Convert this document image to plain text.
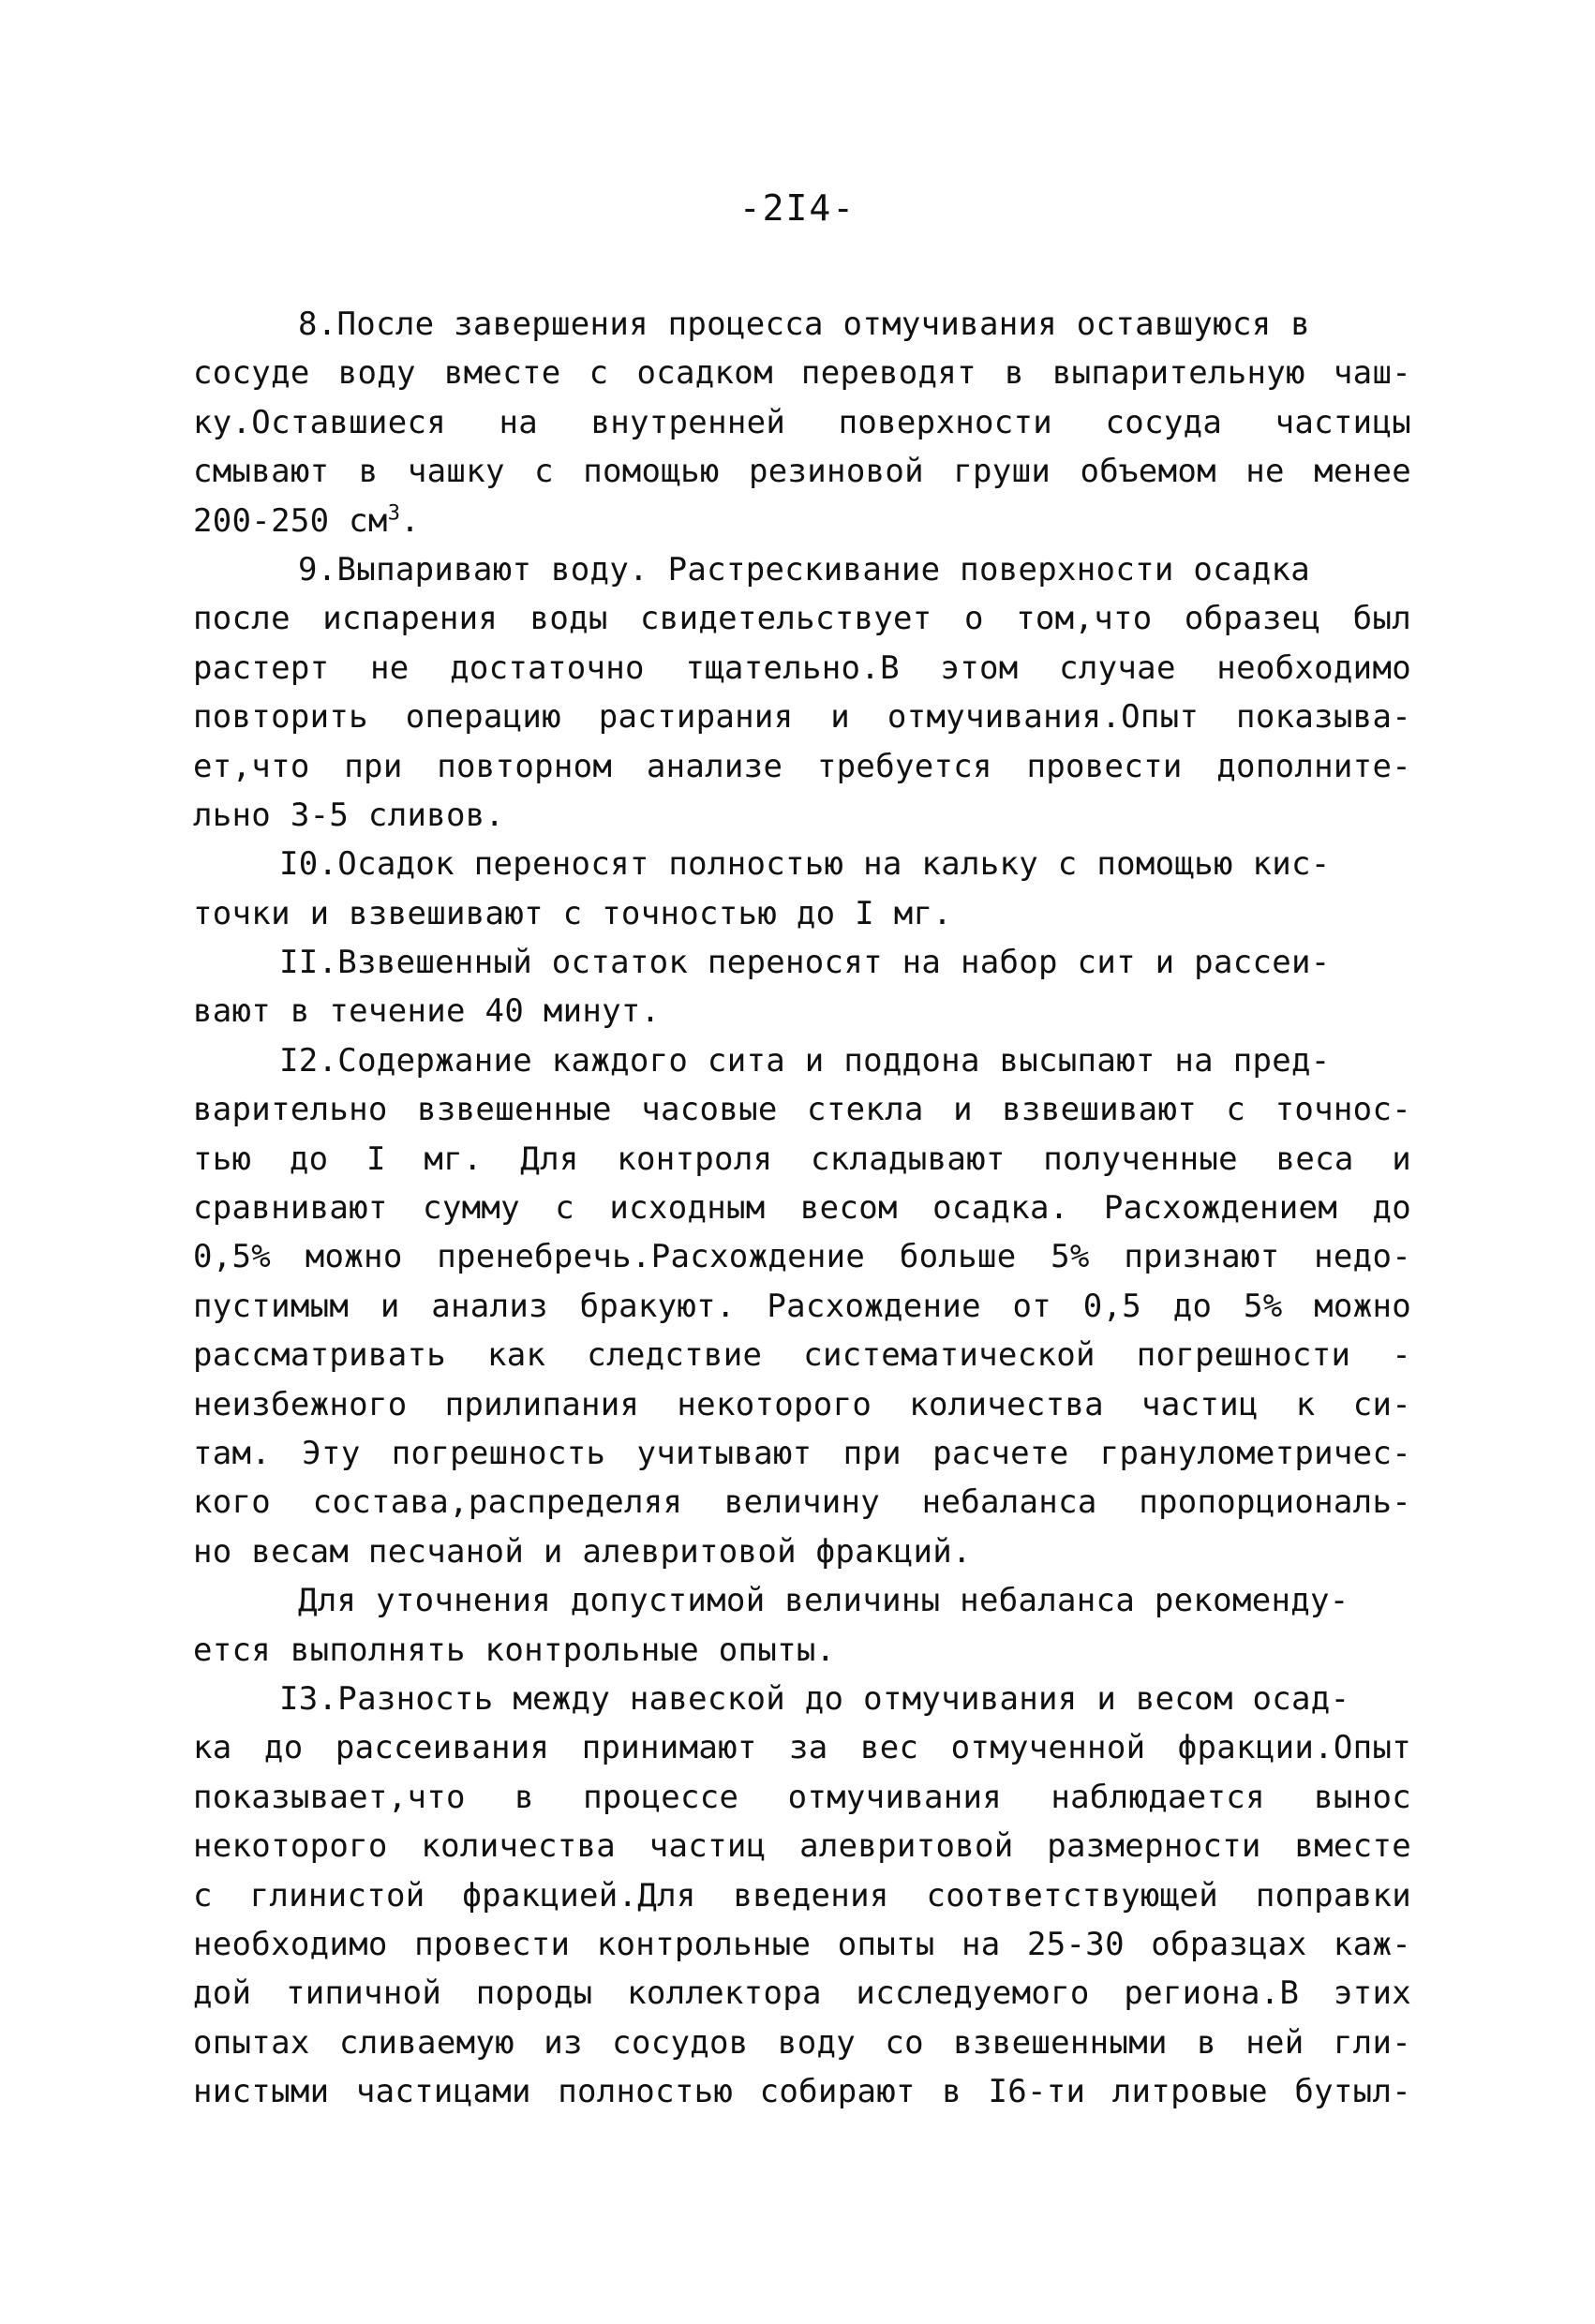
-2I4-
8.После завершения процесса отмучивания оставшуюся в
сосуде воду вместе с осадком переводят в выпарительную чаш-
ку.Оставшиеся на внутренней поверхности сосуда частицы
смывают в чашку с помощью резиновой груши объемом не менее
200-250 $см^3$.
9.Выпаривают воду. Растрескивание поверхности осадка
после испарения воды свидетельствует о том,что образец был
растерт не достаточно тщательно.В этом случае необходимо
повторить операцию растирания и отмучивания.Опыт показыва-
ет,что при повторном анализе требуется провести дополните-
льно 3-5 сливов.
I0.Осадок переносят полностью на кальку с помощью кис-
точки и взвешивают с точностью до I мг.
II.Взвешенный остаток переносят на набор сит и рассеи-
вают в течение 40 минут.
I2.Содержание каждого сита и поддона высыпают на пред-
варительно взвешенные часовые стекла и взвешивают с точнос-
тью до I мг. Для контроля складывают полученные веса и
сравнивают сумму с исходным весом осадка. Расхождением до
0,5% можно пренебречь.Расхождение больше 5% признают недо-
пустимым и анализ бракуют. Расхождение от 0,5 до 5% можно
рассматривать как следствие систематической погрешности -
неизбежного прилипания некоторого количества частиц к си-
там. Эту погрешность учитывают при расчете гранулометричес-
кого состава,распределяя величину небаланса пропорциональ-
но весам песчаной и алевритовой фракций.
Для уточнения допустимой величины небаланса рекоменду-
ется выполнять контрольные опыты.
I3.Разность между навеской до отмучивания и весом осад-
ка до рассеивания принимают за вес отмученной фракции.Опыт
показывает,что в процессе отмучивания наблюдается вынос
некоторого количества частиц алевритовой размерности вместе
с глинистой фракцией.Для введения соответствующей поправки
необходимо провести контрольные опыты на 25-30 образцах каж-
дой типичной породы коллектора исследуемого региона.В этих
опытах сливаемую из сосудов воду со взвешенными в ней гли-
нистыми частицами полностью собирают в I6-ти литровые бутыл-
